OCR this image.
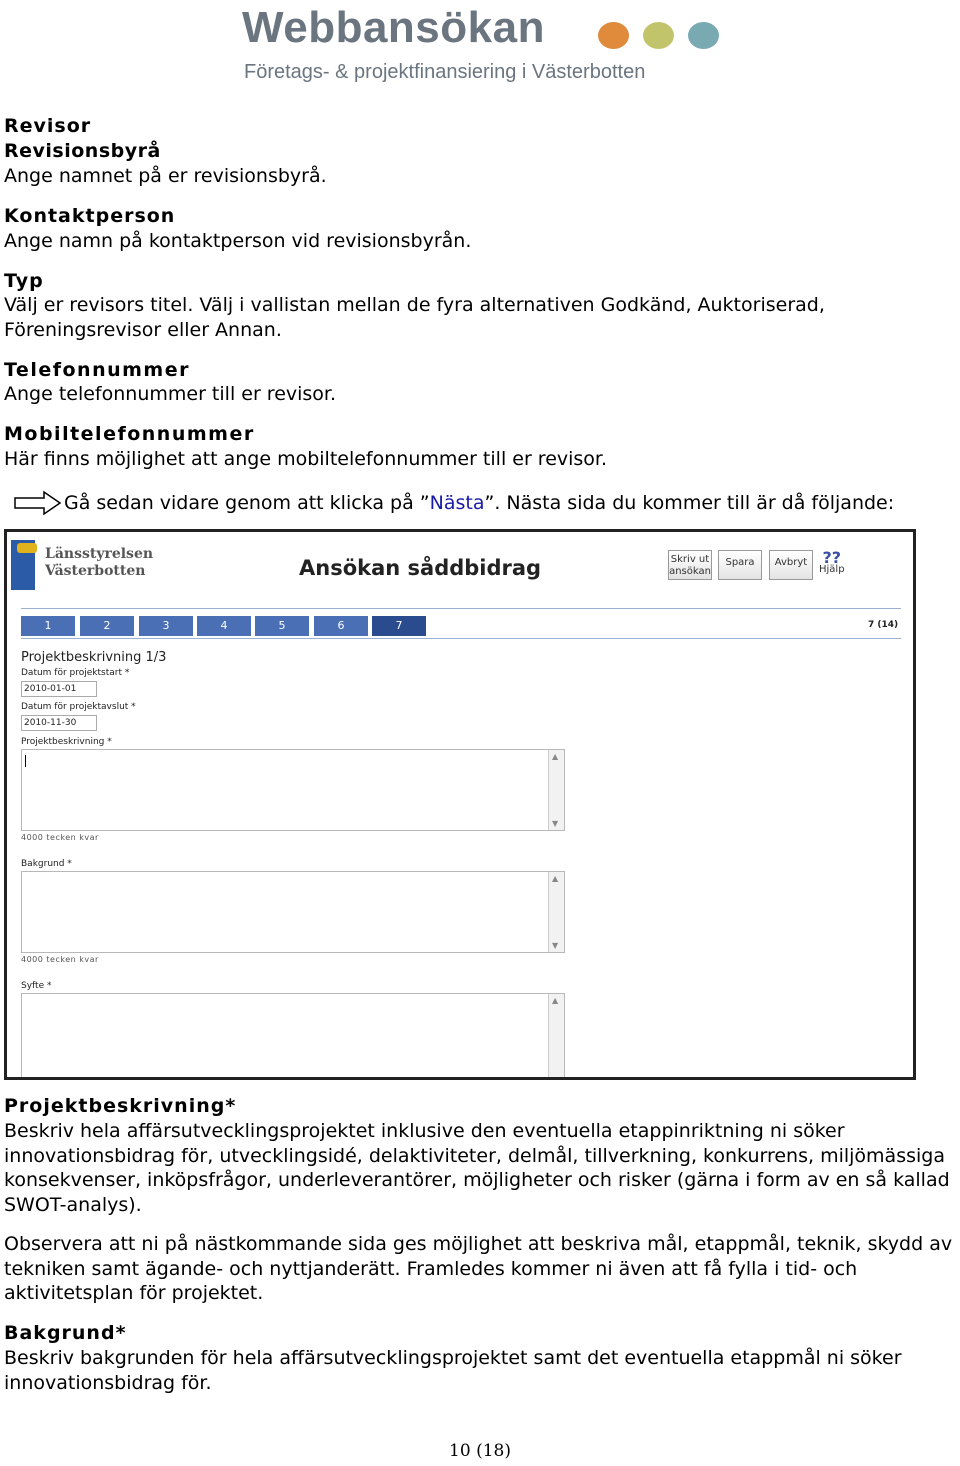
Webbansökan
Företags- & projektfinansiering i Västerbotten
Revisor
Revisionsbyrå
Ange namnet på er revisionsbyrå.
Kontaktperson
Ange namn på kontaktperson vid revisionsbyrån.
Typ
Välj er revisors titel. Välj i vallistan mellan de fyra alternativen Godkänd, Auktoriserad,
Föreningsrevisor eller Annan.
Telefonnummer
Ange telefonnummer till er revisor.
Mobiltelefonnummer
Här finns möjlighet att ange mobiltelefonnummer till er revisor.
Gå sedan vidare genom att klicka på ”Nästa”. Nästa sida du kommer till är då följande:
Länsstyrelsen
Västerbotten	Ansökan såddbidrag	Skriv ut
ansökan
Spara	Avbryt ??
Hjälp
1	2	3	4	5	6	7	7 (14)
Projektbeskrivning 1/3
Datum för projektstart *
2010-01-01
Datum för projektavslut *
2010-11-30
Projektbeskrivning *
▲
▼
4000 tecken kvar
Bakgrund *
▲
▼
4000 tecken kvar
Syfte *
▲
Projektbeskrivning*
Beskriv hela affärsutvecklingsprojektet inklusive den eventuella etappinriktning ni söker innovationsbidrag för, utvecklingsidé, delaktiviteter, delmål, tillverkning, konkurrens, miljömässiga konsekvenser, inköpsfrågor, underleverantörer, möjligheter och risker (gärna i form av en så kallad SWOT-analys).
Observera att ni på nästkommande sida ges möjlighet att beskriva mål, etappmål, teknik, skydd av tekniken samt ägande- och nyttjanderätt. Framledes kommer ni även att få fylla i tid- och aktivitetsplan för projektet.
Bakgrund*
Beskriv bakgrunden för hela affärsutvecklingsprojektet samt det eventuella etappmål ni söker innovationsbidrag för.
10 (18)
